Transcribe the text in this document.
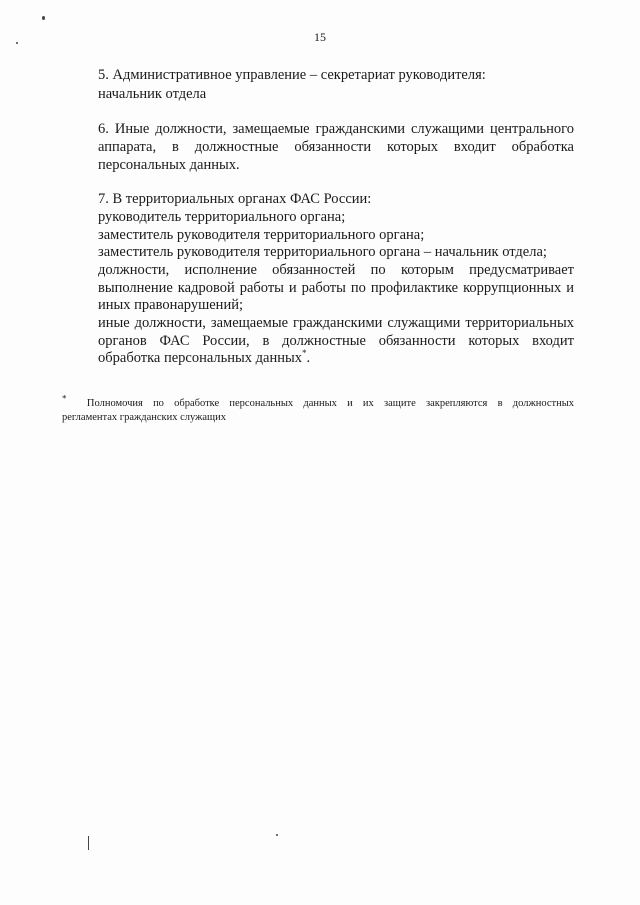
15
5. Административное управление – секретариат руководителя:
начальник отдела
6. Иные должности, замещаемые гражданскими служащими центрального
аппарата, в должностные обязанности которых входит обработка
персональных данных.
7. В территориальных органах ФАС России:
руководитель территориального органа;
заместитель руководителя территориального органа;
заместитель руководителя территориального органа – начальник отдела;
должности, исполнение обязанностей по которым предусматривает
выполнение кадровой работы и работы по профилактике коррупционных и
иных правонарушений;
иные должности, замещаемые гражданскими служащими территориальных
органов ФАС России, в должностные обязанности которых входит
обработка персональных данных*.
* Полномочия по обработке персональных данных и их защите закрепляются в должностных
регламентах гражданских служащих
